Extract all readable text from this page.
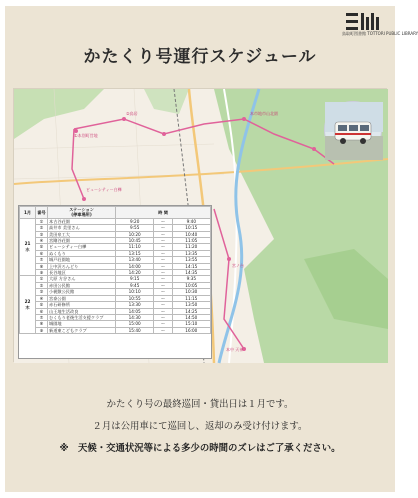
鳥取町図書館 TOTTORI PUBLIC LIBRARY
かたくり号運行スケジュール
①本別町営地
②鳥居
ビューシティー白樺
本市地市山北園
本中 天神
宮ノ台
1月	番号	ステーション
(停車場所)	時 間		
21
水	①	本古谷荘園	9:20	～	9:40
	②	高井市 美里さん	9:55	～	10:15
	③	美田泉工大	10:20	～	10:40
	④	宮剛谷荘園	10:45	～	11:05
	⑤	ビューシティー白樺	11:10	～	11:20
	⑥	ぬくもり	13:15	～	13:35
	⑦	城戸荘園地	13:40	～	13:55
	⑧	上中沢ろんどり	14:00	～	14:15
	⑨	長谷地区	14:20	～	14:35
22
木	①	大原 方谷さん	9:15	～	9:35
	②	赤田公民館	9:45	～	10:05
	③	小梶敷公民館	10:10	～	10:30
	④	宮泰公園	10:55	～	11:15
	⑤	赤石研修所	13:30	～	13:50
	⑥	山王地生活改良	14:05	～	14:25
	⑦	むくもり老後生活支援クラブ	14:30	～	14:50
	⑧	城園地	15:00	～	15:10
	⑨	新道東こどもクラブ	15:40	～	16:00
かたくり号の最終巡回・貸出日は１月です。
２月は公用車にて巡回し、返却のみ受け付けます。
※　天候・交通状況等による多少の時間のズレはご了承ください。
